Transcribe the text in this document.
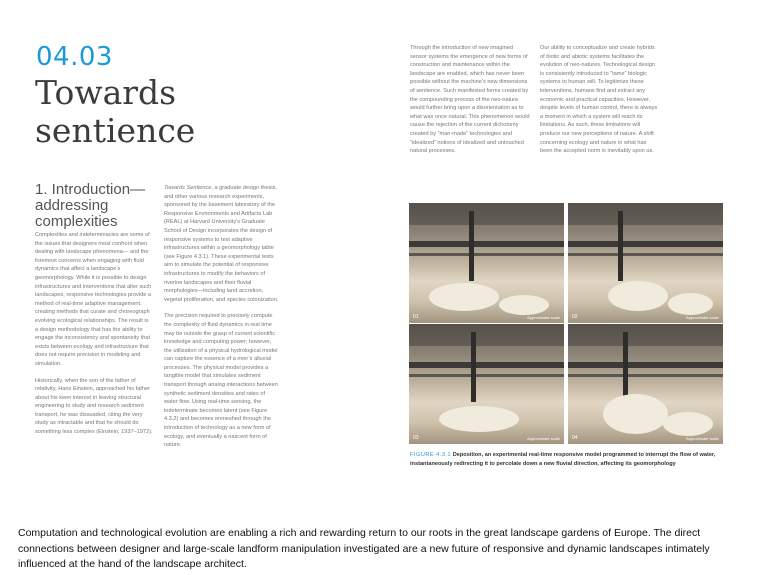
04.03
Towards
sentience
1. Introduction— addressing complexities

Complexities and indeterminacies are some of the issues that designers most confront when dealing with landscape phenomena— and the foremost concerns when engaging with fluid dynamics that affect a landscape’s geomorphology. While it is possible to design infrastructures and interventions that alter such landscapes, responsive technologies provide a method of real-time adaptive management, creating methods that curate and choreograph evolving ecological relationships. The result is a design methodology that has the ability to engage the inconsistency and spontaneity that exists between ecology and infrastructure that does not require precision in modeling and simulation.

Historically, when the son of the father of relativity, Hans Einstein, approached his father about his keen interest in leaving structural engineering to study and research sediment transport, he was dissuaded, citing the very study as intractable and that he should do something less complex (Einstein, 1937–1972).

Towards Sentience, a graduate design thesis, and other various research experiments, sponsored by the basement laboratory of the Responsive Environments and Artifacts Lab (REAL) at Harvard University’s Graduate School of Design incorporates the design of responsive systems to test adaptive infrastructures within a geomorphology table (see Figure 4.3.1). These experimental tests aim to simulate the potential of responsive infrastructures to modify the behaviors of riverine landscapes and their fluvial morphologies—including land accretion, vegetal proliferation, and species colonization.

The precision required to precisely compute the complexity of fluid dynamics in real time may be outside the grasp of current scientific knowledge and computing power; however, the utilization of a physical hydrological model can capture the essence of a river’s alluvial processes. The physical model provides a tangible model that simulates sediment transport through analog interactions between synthetic sediment densities and rates of water flow. Using real-time sensing, the indeterminate becomes latent (see Figure 4.3.2) and becomes enmeshed through the introduction of technology as a new form of ecology, and eventually a nascent form of nature.

Through the introduction of new imagined sensor systems the emergence of new forms of construction and maintenance within the landscape are enabled, which has never been possible without the machine’s new dimensions of sentience. Such manifested forms created by the compounding process of the neo-nature would further bring upon a disorientation as to what was once natural. This phenomenon would cause the rejection of the current dichotomy created by “man-made” technologies and “idealized” notions of idealized and untouched natural processes.

Our ability to conceptualize and create hybrids of biotic and abiotic systems facilitates the evolution of neo-natures. Technological design is consistently introduced to “tame” biologic systems to human will. To legitimize these interventions, humans find and extract any economic and practical capacities. However, despite levels of human control, there is always a moment in which a system will reach its limitations. As such, these limitations will produce our new perceptions of nature. A shift concerning ecology and nature in what has been the accepted norm is inevitably upon us.

01	Approximate scale 02	Approximate scale
03	Approximate scale 04	Approximate scale
FIGURE 4.3.1 Deposition, an experimental real-time responsive model programmed to interrupt the flow of water, instantaneously redirecting it to percolate down a new fluvial direction, affecting its geomorphology
Computation and technological evolution are enabling a rich and rewarding return to our roots in the great landscape gardens of Europe. The direct connections between designer and large-scale landform manipulation investigated are a new future of responsive and dynamic landscapes intimately influenced at the hand of the landscape architect.
